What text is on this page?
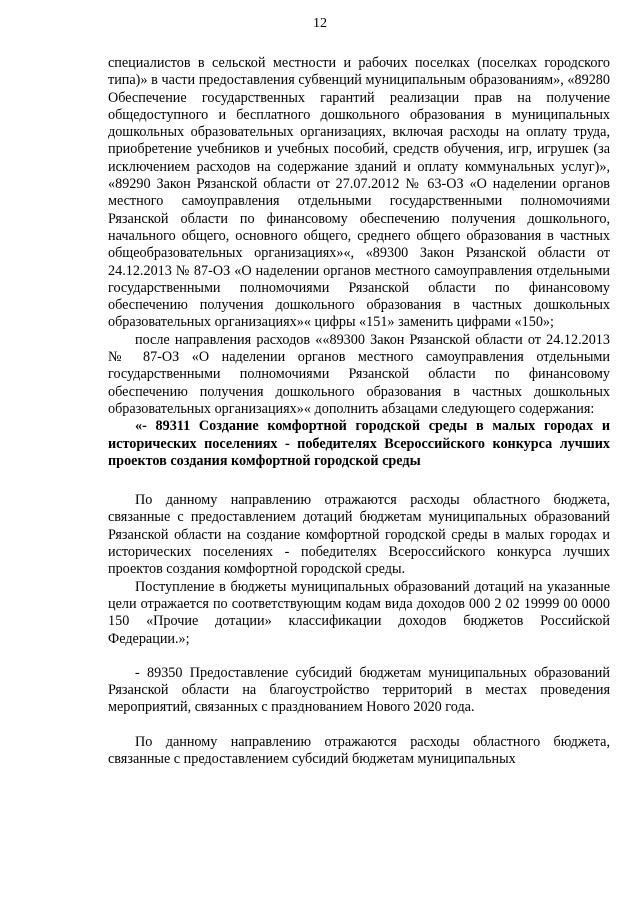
12

специалистов в сельской местности и рабочих поселках (поселках городского типа)» в части предоставления субвенций муниципальным образованиям», «89280 Обеспечение государственных гарантий реализации прав на получение общедоступного и бесплатного дошкольного образования в муниципальных дошкольных образовательных организациях, включая расходы на оплату труда, приобретение учебников и учебных пособий, средств обучения, игр, игрушек (за исключением расходов на содержание зданий и оплату коммунальных услуг)», «89290 Закон Рязанской области от 27.07.2012 № 63-ОЗ «О наделении органов местного самоуправления отдельными государственными полномочиями Рязанской области по финансовому обеспечению получения дошкольного, начального общего, основного общего, среднего общего образования в частных общеобразовательных организациях»«, «89300 Закон Рязанской области от 24.12.2013 № 87-ОЗ «О наделении органов местного самоуправления отдельными государственными полномочиями Рязанской области по финансовому обеспечению получения дошкольного образования в частных дошкольных образовательных организациях»« цифры «151» заменить цифрами «150»;

после направления расходов ««89300 Закон Рязанской области от 24.12.2013 № 87-ОЗ «О наделении органов местного самоуправления отдельными государственными полномочиями Рязанской области по финансовому обеспечению получения дошкольного образования в частных дошкольных образовательных организациях»« дополнить абзацами следующего содержания:

«- 89311 Создание комфортной городской среды в малых городах и исторических поселениях - победителях Всероссийского конкурса лучших проектов создания комфортной городской среды

По данному направлению отражаются расходы областного бюджета, связанные с предоставлением дотаций бюджетам муниципальных образований Рязанской области на создание комфортной городской среды в малых городах и исторических поселениях - победителях Всероссийского конкурса лучших проектов создания комфортной городской среды.

Поступление в бюджеты муниципальных образований дотаций на указанные цели отражается по соответствующим кодам вида доходов 000 2 02 19999 00 0000 150 «Прочие дотации» классификации доходов бюджетов Российской Федерации.»;

- 89350 Предоставление субсидий бюджетам муниципальных образований Рязанской области на благоустройство территорий в местах проведения мероприятий, связанных с празднованием Нового 2020 года.

По данному направлению отражаются расходы областного бюджета, связанные с предоставлением субсидий бюджетам муниципальных
